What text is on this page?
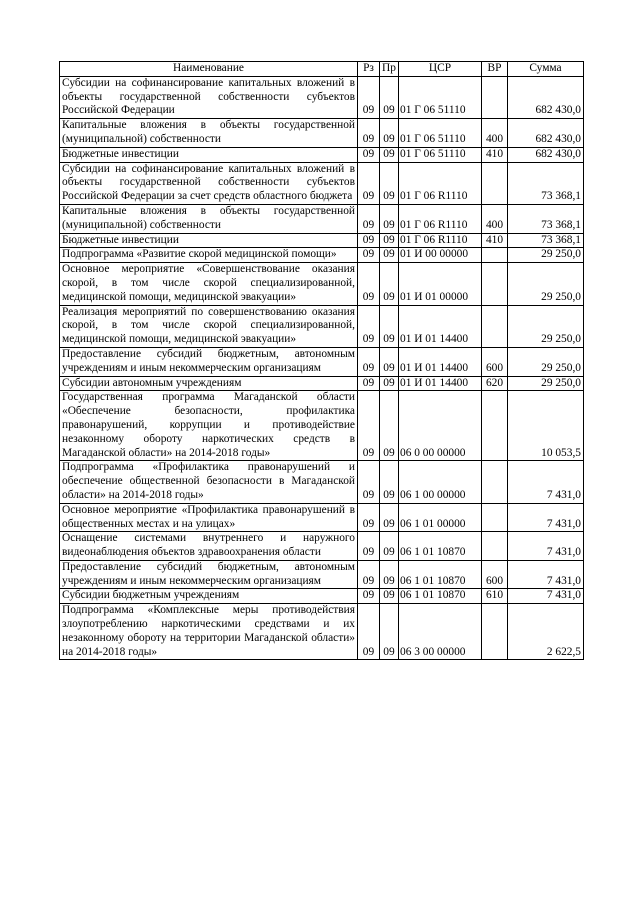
Наименование	Рз	Пр	ЦСР	ВР	Сумма
Субсидии на софинансирование капитальных вложений в объекты государственной собственности субъектов Российской Федерации	09	09	01 Г 06 51110		682 430,0
Капитальные вложения в объекты государственной (муниципальной) собственности	09	09	01 Г 06 51110	400	682 430,0
Бюджетные инвестиции	09	09	01 Г 06 51110	410	682 430,0
Субсидии на софинансирование капитальных вложений в объекты государственной собственности субъектов Российской Федерации за счет средств областного бюджета	09	09	01 Г 06 R1110		73 368,1
Капитальные вложения в объекты государственной (муниципальной) собственности	09	09	01 Г 06 R1110	400	73 368,1
Бюджетные инвестиции	09	09	01 Г 06 R1110	410	73 368,1
Подпрограмма «Развитие скорой медицинской помощи»	09	09	01 И 00 00000		29 250,0
Основное мероприятие «Совершенствование оказания скорой, в том числе скорой специализированной, медицинской помощи, медицинской эвакуации»	09	09	01 И 01 00000		29 250,0
Реализация мероприятий по совершенствованию оказания скорой, в том числе скорой специализированной, медицинской помощи, медицинской эвакуации»	09	09	01 И 01 14400		29 250,0
Предоставление субсидий бюджетным, автономным учреждениям и иным некоммерческим организациям	09	09	01 И 01 14400	600	29 250,0
Субсидии автономным учреждениям	09	09	01 И 01 14400	620	29 250,0
Государственная программа Магаданской области «Обеспечение безопасности, профилактика правонарушений, коррупции и противодействие незаконному обороту наркотических средств в Магаданской области» на 2014-2018 годы»	09	09	06 0 00 00000		10 053,5
Подпрограмма «Профилактика правонарушений и обеспечение общественной безопасности в Магаданской области» на 2014-2018 годы»	09	09	06 1 00 00000		7 431,0
Основное мероприятие «Профилактика правонарушений в общественных местах и на улицах»	09	09	06 1 01 00000		7 431,0
Оснащение системами внутреннего и наружного видеонаблюдения объектов здравоохранения области	09	09	06 1 01 10870		7 431,0
Предоставление субсидий бюджетным, автономным учреждениям и иным некоммерческим организациям	09	09	06 1 01 10870	600	7 431,0
Субсидии бюджетным учреждениям	09	09	06 1 01 10870	610	7 431,0
Подпрограмма «Комплексные меры противодействия злоупотреблению наркотическими средствами и их незаконному обороту на территории Магаданской области» на 2014-2018 годы»	09	09	06 3 00 00000		2 622,5
